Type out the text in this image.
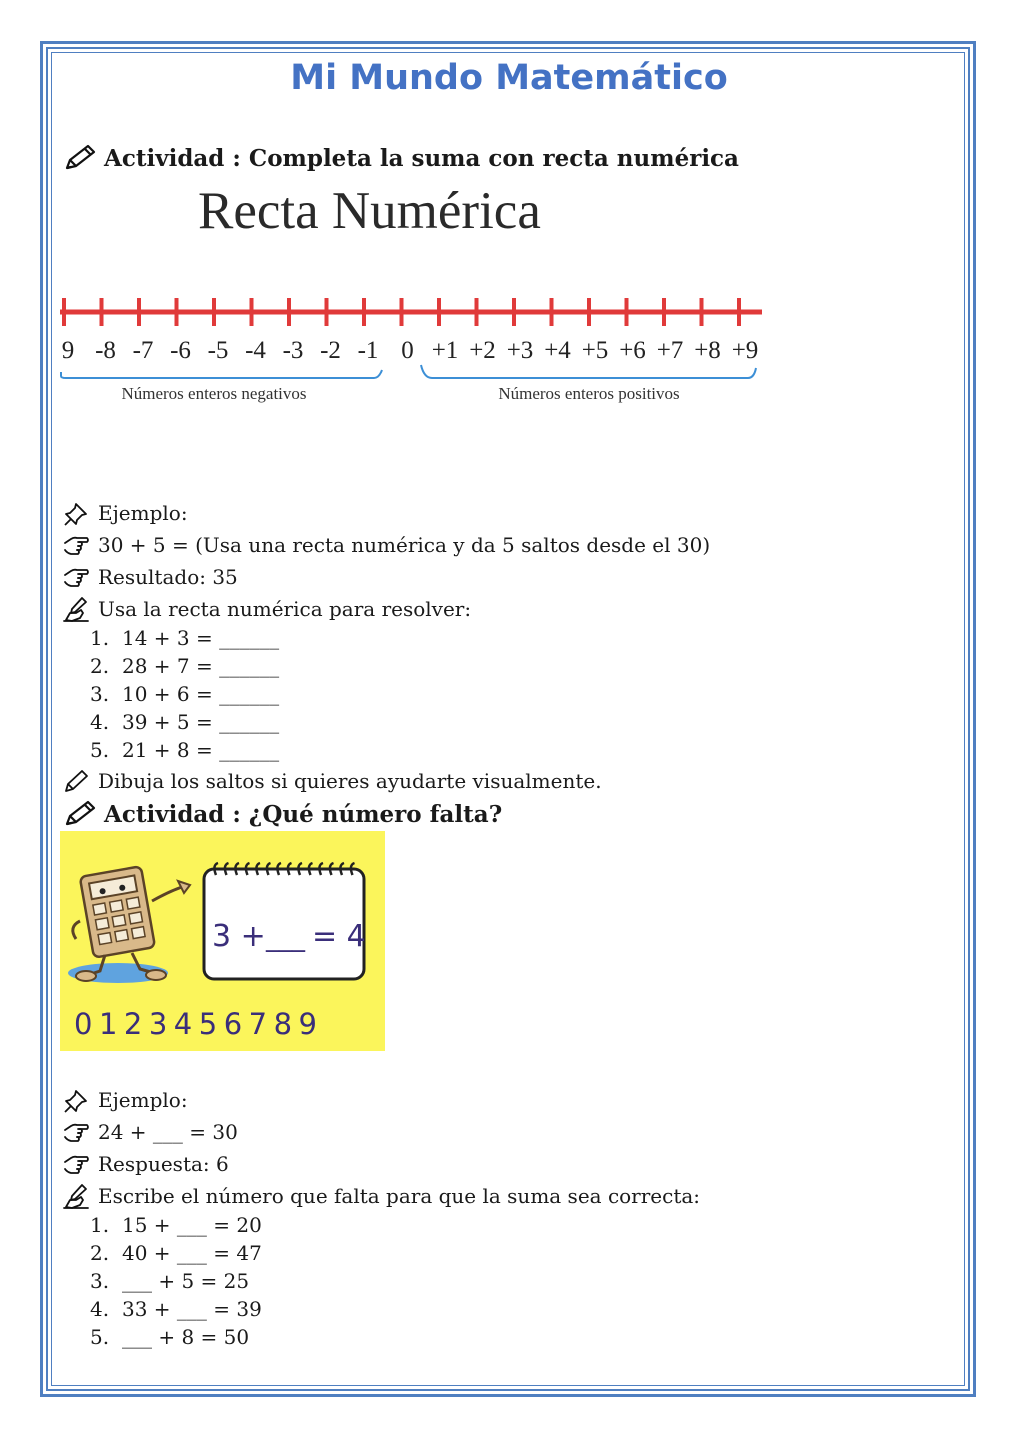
Mi Mundo Matemático
Actividad : Completa la suma con recta numérica
Recta Numérica
9 -8 -7 -6 -5 -4 -3 -2 -1 0 +1 +2 +3 +4 +5 +6 +7 +8 +9
Números enteros negativos	Números enteros positivos
Ejemplo:
30 + 5 = (Usa una recta numérica y da 5 saltos desde el 30)
Resultado: 35
Usa la recta numérica para resolver:
1. 14 + 3 = ______
2. 28 + 7 = ______
3. 10 + 6 = ______
4. 39 + 5 = ______
5. 21 + 8 = ______
Dibuja los saltos si quieres ayudarte visualmente.
Actividad : ¿Qué número falta?
3 + ___ = 4
0123456789
Ejemplo:
24 + ___ = 30
Respuesta: 6
Escribe el número que falta para que la suma sea correcta:
1. 15 + ___ = 20
2. 40 + ___ = 47
3. ___ + 5 = 25
4. 33 + ___ = 39
5. ___ + 8 = 50
